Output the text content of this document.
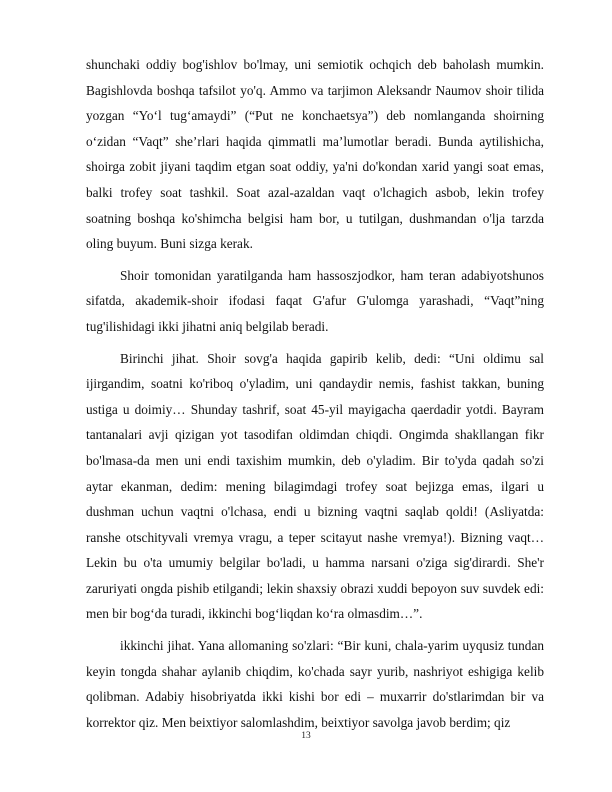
shunchaki oddiy bog'ishlov bo'lmay, uni semiotik ochqich deb baholash mumkin. Bagishlovda boshqa tafsilot yo'q. Ammo va tarjimon Aleksandr Naumov shoir tilida yozgan “Yo‘l tug‘amaydi” (“Put ne konchaetsya”) deb nomlanganda shoirning o‘zidan “Vaqt” she’rlari haqida qimmatli ma’lumotlar beradi. Bunda aytilishicha, shoirga zobit jiyani taqdim etgan soat oddiy, ya'ni do'kondan xarid yangi soat emas, balki trofey soat tashkil. Soat azal-azaldan vaqt o'lchagich asbob, lekin trofey soatning boshqa ko'shimcha belgisi ham bor, u tutilgan, dushmandan o'lja tarzda oling buyum. Buni sizga kerak.

Shoir tomonidan yaratilganda ham hassoszjodkor, ham teran adabiyotshunos sifatda, akademik-shoir ifodasi faqat G'afur G'ulomga yarashadi, “Vaqt”ning tug'ilishidagi ikki jihatni aniq belgilab beradi.

Birinchi jihat. Shoir sovg'a haqida gapirib kelib, dedi: “Uni oldimu sal ijirgandim, soatni ko'riboq o'yladim, uni qandaydir nemis, fashist takkan, buning ustiga u doimiy… Shunday tashrif, soat 45-yil mayigacha qaerdadir yotdi. Bayram tantanalari avji qizigan yot tasodifan oldimdan chiqdi. Ongimda shakllangan fikr bo'lmasa-da men uni endi taxishim mumkin, deb o'yladim. Bir to'yda qadah so'zi aytar ekanman, dedim: mening bilagimdagi trofey soat bejizga emas, ilgari u dushman uchun vaqtni o'lchasa, endi u bizning vaqtni saqlab qoldi! (Asliyatda: ranshe otschityvali vremya vragu, a teper scitayut nashe vremya!). Bizning vaqt… Lekin bu o'ta umumiy belgilar bo'ladi, u hamma narsani o'ziga sig'dirardi. She'r zaruriyati ongda pishib etilgandi; lekin shaxsiy obrazi xuddi bepoyon suv suvdek edi: men bir bog‘da turadi, ikkinchi bog‘liqdan ko‘ra olmasdim…”.

ikkinchi jihat. Yana allomaning so'zlari: “Bir kuni, chala-yarim uyqusiz tundan keyin tongda shahar aylanib chiqdim, ko'chada sayr yurib, nashriyot eshigiga kelib qolibman. Adabiy hisobriyatda ikki kishi bor edi – muxarrir do'stlarimdan bir va korrektor qiz. Men beixtiyor salomlashdim, beixtiyor savolga javob berdim; qiz

13
